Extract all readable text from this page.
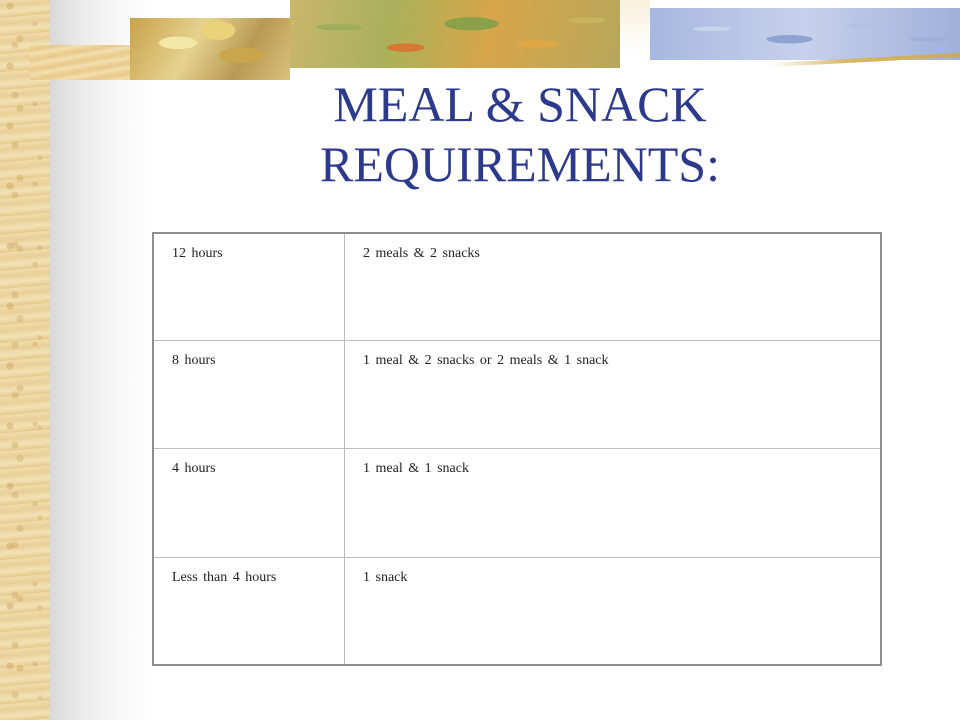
MEAL & SNACK
REQUIREMENTS:
12 hours	2 meals & 2 snacks
8 hours	1 meal & 2 snacks or 2 meals & 1 snack
4 hours	1 meal & 1 snack
Less than 4 hours	1 snack
